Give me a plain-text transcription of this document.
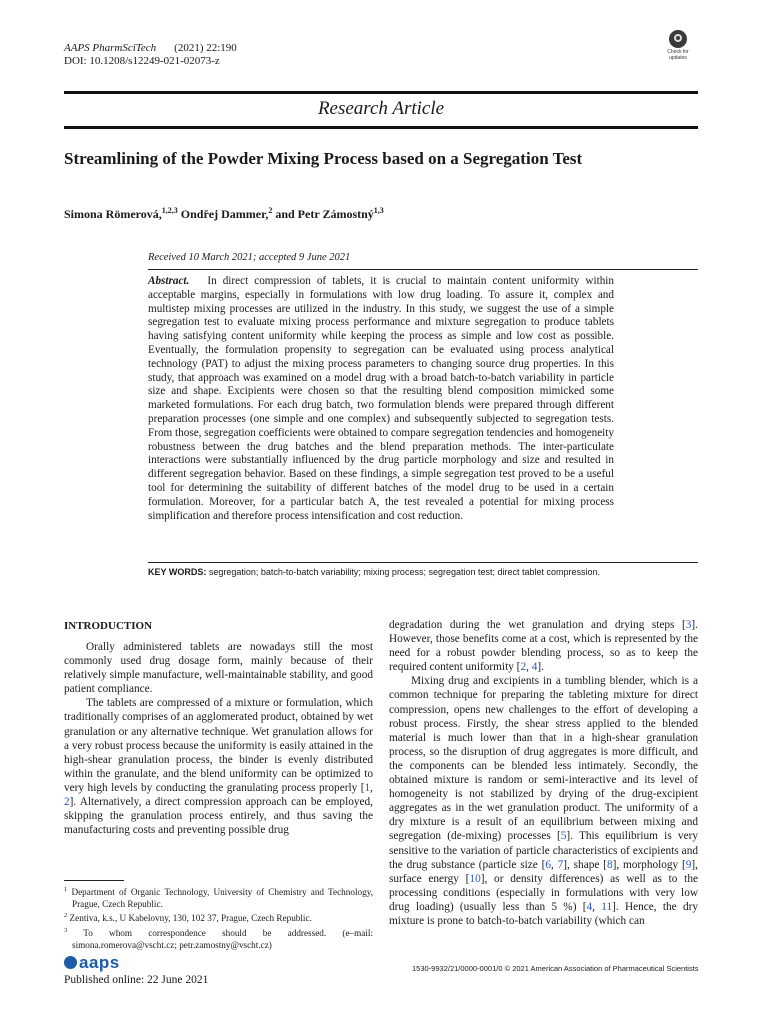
AAPS PharmSciTech (2021) 22:190
DOI: 10.1208/s12249-021-02073-z
Check for updates
Research Article
Streamlining of the Powder Mixing Process based on a Segregation Test
Simona Römerová,$^{1,2,3}$ Ondřej Dammer,$^2$ and Petr Zámostný$^{1,3}$
Received 10 March 2021; accepted 9 June 2021
Abstract. In direct compression of tablets, it is crucial to maintain content uniformity within acceptable margins, especially in formulations with low drug loading. To assure it, complex and multistep mixing processes are utilized in the industry. In this study, we suggest the use of a simple segregation test to evaluate mixing process performance and mixture segregation to produce tablets having satisfying content uniformity while keeping the process as simple and low cost as possible. Eventually, the formulation propensity to segregation can be evaluated using process analytical technology (PAT) to adjust the mixing process parameters to changing source drug properties. In this study, that approach was examined on a model drug with a broad batch-to-batch variability in particle size and shape. Excipients were chosen so that the resulting blend composition mimicked some marketed formulations. For each drug batch, two formulation blends were prepared through different preparation processes (one simple and one complex) and subsequently subjected to segregation tests. From those, segregation coefficients were obtained to compare segregation tendencies and homogeneity robustness between the drug batches and the blend preparation methods. The inter-particulate interactions were substantially influenced by the drug particle morphology and size and resulted in different segregation behavior. Based on these findings, a simple segregation test proved to be a useful tool for determining the suitability of different batches of the model drug to be used in a certain formulation. Moreover, for a particular batch A, the test revealed a potential for mixing process simplification and therefore process intensification and cost reduction.
KEY WORDS: segregation; batch-to-batch variability; mixing process; segregation test; direct tablet compression.
INTRODUCTION

Orally administered tablets are nowadays still the most commonly used drug dosage form, mainly because of their relatively simple manufacture, well-maintainable stability, and good patient compliance.

The tablets are compressed of a mixture or formulation, which traditionally comprises of an agglomerated product, obtained by wet granulation or any alternative technique. Wet granulation allows for a very robust process because the uniformity is easily attained in the high-shear granulation process, the binder is evenly distributed within the granulate, and the blend uniformity can be optimized to very high levels by conducting the granulating process properly [1, 2]. Alternatively, a direct compression approach can be employed, skipping the granulation process entirely, and thus saving the manufacturing costs and preventing possible drug

degradation during the wet granulation and drying steps [3]. However, those benefits come at a cost, which is represented by the need for a robust powder blending process, so as to keep the required content uniformity [2, 4].

Mixing drug and excipients in a tumbling blender, which is a common technique for preparing the tableting mixture for direct compression, opens new challenges to the effort of developing a robust process. Firstly, the shear stress applied to the blended material is much lower than that in a high-shear granulation process, so the disruption of drug aggregates is more difficult, and the components can be blended less intimately. Secondly, the obtained mixture is random or semi-interactive and its level of homogeneity is not stabilized by drying of the drug-excipient aggregates as in the wet granulation product. The uniformity of a dry mixture is a result of an equilibrium between mixing and segregation (de-mixing) processes [5]. This equilibrium is very sensitive to the variation of particle characteristics of excipients and the drug substance (particle size [6, 7], shape [8], morphology [9], surface energy [10], or density differences) as well as to the processing conditions (especially in formulations with very low drug loading) (usually less than 5 %) [4, 11]. Hence, the dry mixture is prone to batch-to-batch variability (which can

$^1$ Department of Organic Technology, University of Chemistry and Technology, Prague, Czech Republic.
$^2$ Zentiva, k.s., U Kabelovny, 130, 102 37, Prague, Czech Republic.
$^3$ To whom correspondence should be addressed. (e–mail: simona.romerova@vscht.cz; petr.zamostny@vscht.cz)
aaps
Published online: 22 June 2021
1530-9932/21/0000-0001/0 © 2021 American Association of Pharmaceutical Scientists
